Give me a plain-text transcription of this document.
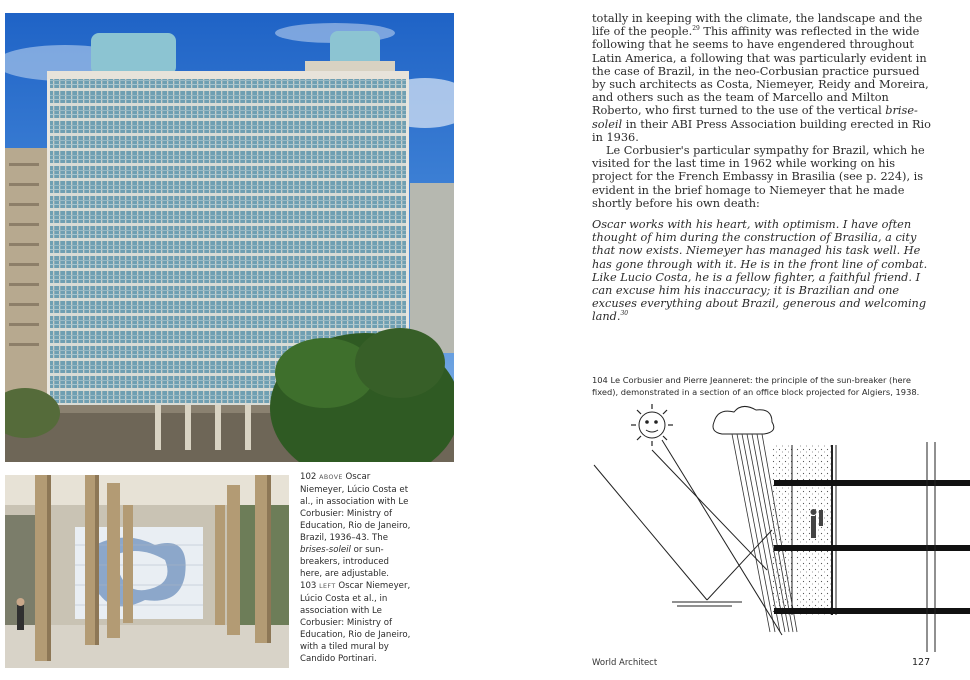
102 ABOVE Oscar Niemeyer, Lúcio Costa et al., in association with Le Corbusier: Ministry of Education, Rio de Janeiro, Brazil, 1936–43. The brises-soleil or sun-breakers, introduced here, are adjustable.
103 LEFT Oscar Niemeyer, Lúcio Costa et al., in association with Le Corbusier: Ministry of Education, Rio de Janeiro, with a tiled mural by Candido Portinari.

totally in keeping with the climate, the landscape and the life of the people.$^{29}$ This affinity was reflected in the wide following that he seems to have engendered throughout Latin America, a following that was particularly evident in the case of Brazil, in the neo-Corbusian practice pursued by such architects as Costa, Niemeyer, Reidy and Moreira, and others such as the team of Marcello and Milton Roberto, who first turned to the use of the vertical brise-soleil in their ABI Press Association building erected in Rio in 1936.

Le Corbusier's particular sympathy for Brazil, which he visited for the last time in 1962 while working on his project for the French Embassy in Brasilia (see p. 224), is evident in the brief homage to Niemeyer that he made shortly before his own death:

Oscar works with his heart, with optimism. I have often thought of him during the construction of Brasilia, a city that now exists. Niemeyer has managed his task well. He has gone through with it. He is in the front line of combat. Like Lucio Costa, he is a fellow fighter, a faithful friend. I can excuse him his inaccuracy; it is Brazilian and one excuses everything about Brazil, generous and welcoming land.$^{30}$
104 Le Corbusier and Pierre Jeanneret: the principle of the sun-breaker (here fixed), demonstrated in a section of an office block projected for Algiers, 1938.
World Architect	127
